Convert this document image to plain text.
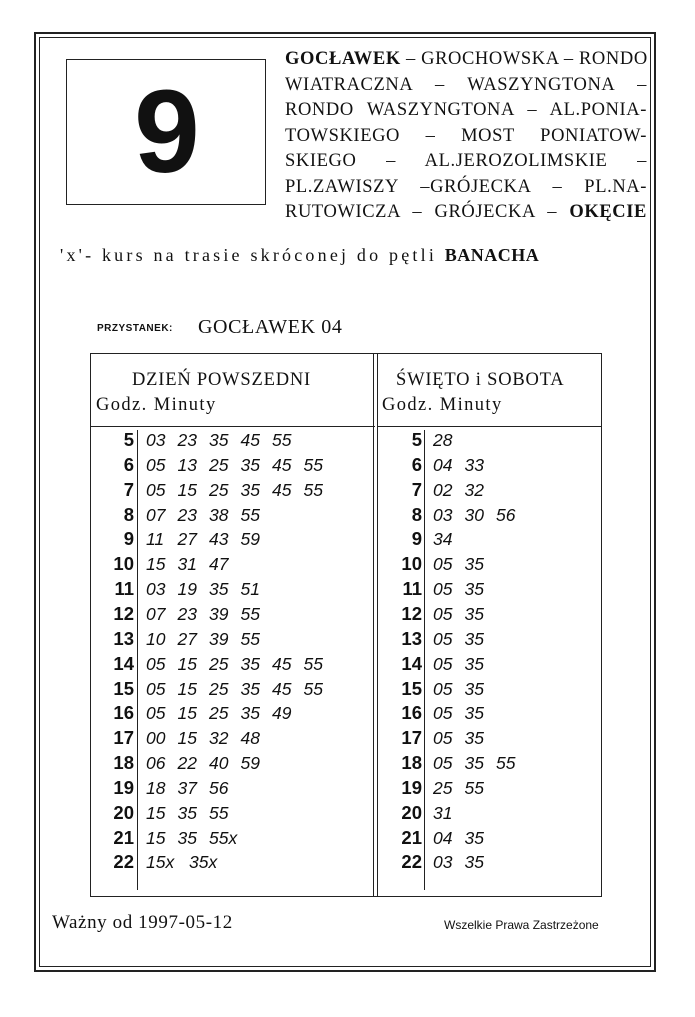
9
GOCŁAWEK – GROCHOWSKA – RONDO
WIATRACZNA – WASZYNGTONA –
RONDO WASZYNGTONA – AL.PONIA-
TOWSKIEGO – MOST PONIATOW-
SKIEGO – AL.JEROZOLIMSKIE –
PL.ZAWISZY –GRÓJECKA – PL.NA-
RUTOWICZA – GRÓJECKA – OKĘCIE
'x'- kurs na trasie skróconej do pętli BANACHA
PRZYSTANEK: GOCŁAWEK 04
DZIEŃ POWSZEDNI
Godz. Minuty
ŚWIĘTO i SOBOTA
Godz. Minuty
5 03 23 35 45 55
6 05 13 25 35 45 55
7 05 15 25 35 45 55
8 07 23 38 55
9 11 27 43 59
10 15 31 47
11 03 19 35 51
12 07 23 39 55
13 10 27 39 55
14 05 15 25 35 45 55
15 05 15 25 35 45 55
16 05 15 25 35 49
17 00 15 32 48
18 06 22 40 59
19 18 37 56
20 15 35 55
21 15 35 55x
22 15x 35x
5 28
6 04 33
7 02 32
8 03 30 56
9 34
10 05 35
11 05 35
12 05 35
13 05 35
14 05 35
15 05 35
16 05 35
17 05 35
18 05 35 55
19 25 55
20 31
21 04 35
22 03 35
Ważny od 1997-05-12	Wszelkie Prawa Zastrzeżone
